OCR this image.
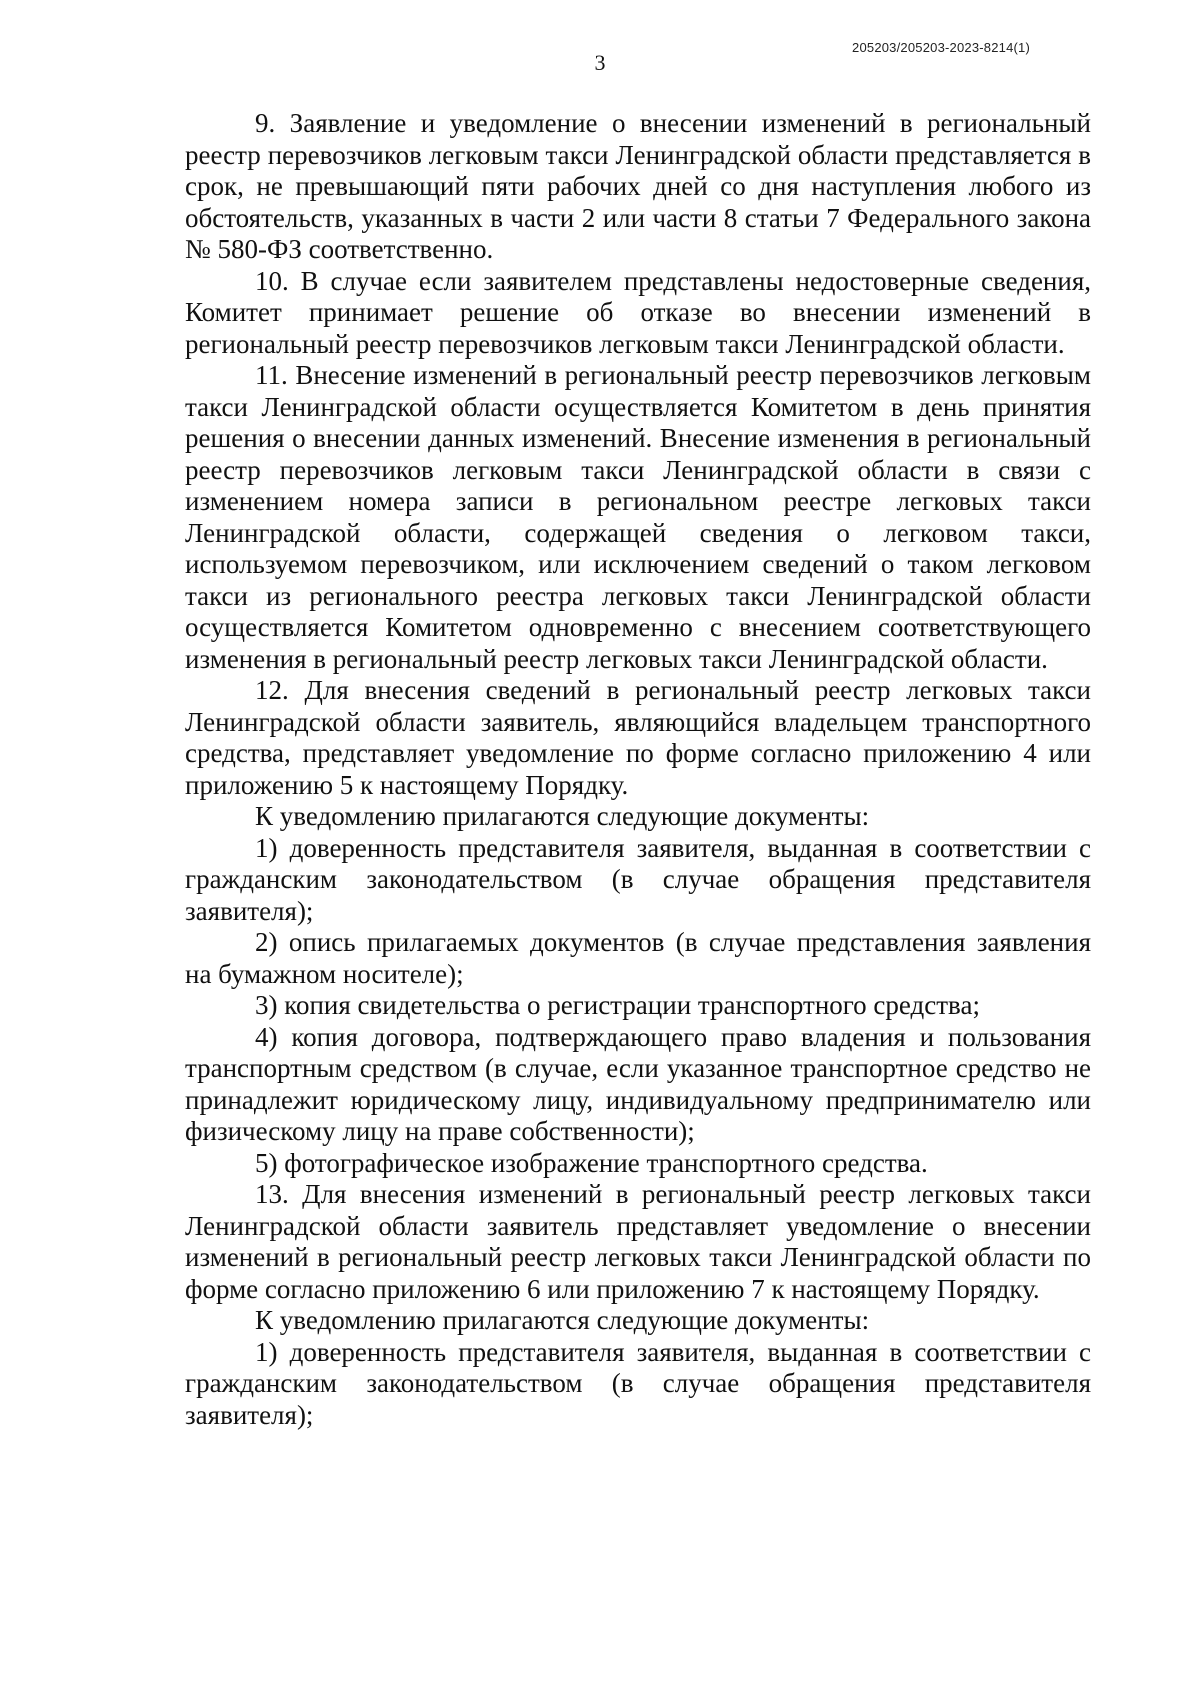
205203/205203-2023-8214(1)
3

9. Заявление и уведомление о внесении изменений в региональный реестр перевозчиков легковым такси Ленинградской области представляется в срок, не превышающий пяти рабочих дней со дня наступления любого из обстоятельств, указанных в части 2 или части 8 статьи 7 Федерального закона № 580-ФЗ соответственно.

10. В случае если заявителем представлены недостоверные сведения, Комитет принимает решение об отказе во внесении изменений в региональный реестр перевозчиков легковым такси Ленинградской области.

11. Внесение изменений в региональный реестр перевозчиков легковым такси Ленинградской области осуществляется Комитетом в день принятия решения о внесении данных изменений. Внесение изменения в региональный реестр перевозчиков легковым такси Ленинградской области в связи с изменением номера записи в региональном реестре легковых такси Ленинградской области, содержащей сведения о легковом такси, используемом перевозчиком, или исключением сведений о таком легковом такси из регионального реестра легковых такси Ленинградской области осуществляется Комитетом одновременно с внесением соответствующего изменения в региональный реестр легковых такси Ленинградской области.

12. Для внесения сведений в региональный реестр легковых такси Ленинградской области заявитель, являющийся владельцем транспортного средства, представляет уведомление по форме согласно приложению 4 или приложению 5 к настоящему Порядку.

К уведомлению прилагаются следующие документы:

1) доверенность представителя заявителя, выданная в соответствии с гражданским законодательством (в случае обращения представителя заявителя);

2) опись прилагаемых документов (в случае представления заявления на бумажном носителе);

3) копия свидетельства о регистрации транспортного средства;

4) копия договора, подтверждающего право владения и пользования транспортным средством (в случае, если указанное транспортное средство не принадлежит юридическому лицу, индивидуальному предпринимателю или физическому лицу на праве собственности);

5) фотографическое изображение транспортного средства.

13. Для внесения изменений в региональный реестр легковых такси Ленинградской области заявитель представляет уведомление о внесении изменений в региональный реестр легковых такси Ленинградской области по форме согласно приложению 6 или приложению 7 к настоящему Порядку.

К уведомлению прилагаются следующие документы:

1) доверенность представителя заявителя, выданная в соответствии с гражданским законодательством (в случае обращения представителя заявителя);
